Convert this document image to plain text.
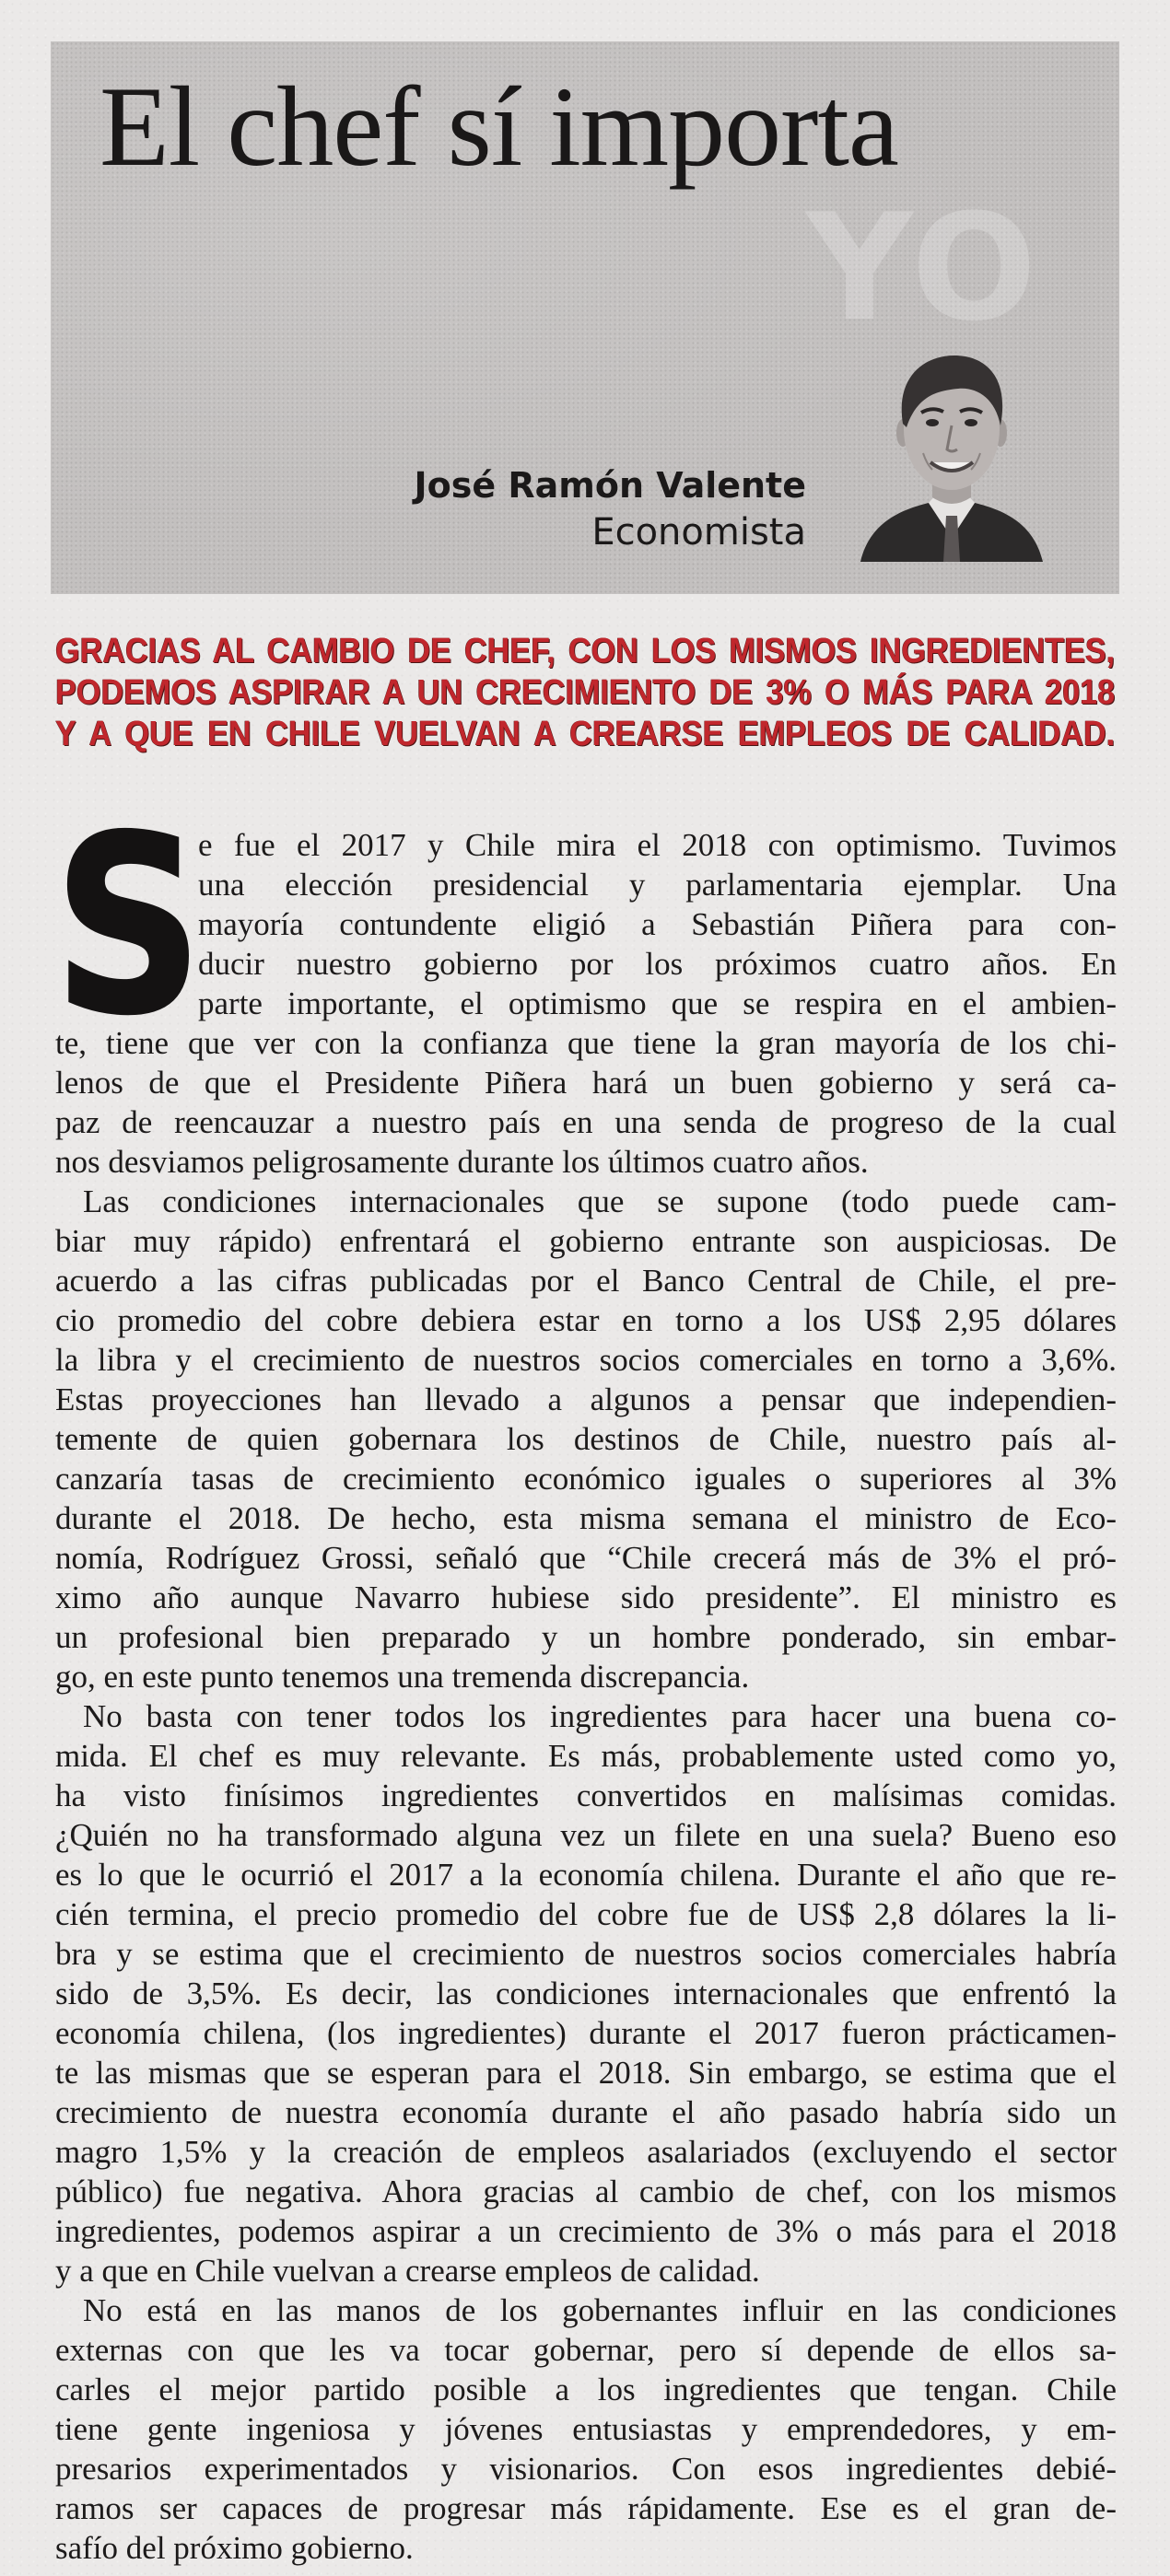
YO
El chef sí importa
José Ramón Valente
Economista
GRACIAS AL CAMBIO DE CHEF, CON LOS MISMOS INGREDIENTES,
PODEMOS ASPIRAR A UN CRECIMIENTO DE 3% O MÁS PARA 2018
Y A QUE EN CHILE VUELVAN A CREARSE EMPLEOS DE CALIDAD.
S
e fue el 2017 y Chile mira el 2018 con optimismo. Tuvimos
una elección presidencial y parlamentaria ejemplar. Una
mayoría contundente eligió a Sebastián Piñera para con-
ducir nuestro gobierno por los próximos cuatro años. En
parte importante, el optimismo que se respira en el ambien-
te, tiene que ver con la confianza que tiene la gran mayoría de los chi-
lenos de que el Presidente Piñera hará un buen gobierno y será ca-
paz de reencauzar a nuestro país en una senda de progreso de la cual
nos desviamos peligrosamente durante los últimos cuatro años.
Las condiciones internacionales que se supone (todo puede cam-
biar muy rápido) enfrentará el gobierno entrante son auspiciosas. De
acuerdo a las cifras publicadas por el Banco Central de Chile, el pre-
cio promedio del cobre debiera estar en torno a los US$ 2,95 dólares
la libra y el crecimiento de nuestros socios comerciales en torno a 3,6%.
Estas proyecciones han llevado a algunos a pensar que independien-
temente de quien gobernara los destinos de Chile, nuestro país al-
canzaría tasas de crecimiento económico iguales o superiores al 3%
durante el 2018. De hecho, esta misma semana el ministro de Eco-
nomía, Rodríguez Grossi, señaló que “Chile crecerá más de 3% el pró-
ximo año aunque Navarro hubiese sido presidente”. El ministro es
un profesional bien preparado y un hombre ponderado, sin embar-
go, en este punto tenemos una tremenda discrepancia.
No basta con tener todos los ingredientes para hacer una buena co-
mida. El chef es muy relevante. Es más, probablemente usted como yo,
ha visto finísimos ingredientes convertidos en malísimas comidas.
¿Quién no ha transformado alguna vez un filete en una suela? Bueno eso
es lo que le ocurrió el 2017 a la economía chilena. Durante el año que re-
cién termina, el precio promedio del cobre fue de US$ 2,8 dólares la li-
bra y se estima que el crecimiento de nuestros socios comerciales habría
sido de 3,5%. Es decir, las condiciones internacionales que enfrentó la
economía chilena, (los ingredientes) durante el 2017 fueron prácticamen-
te las mismas que se esperan para el 2018. Sin embargo, se estima que el
crecimiento de nuestra economía durante el año pasado habría sido un
magro 1,5% y la creación de empleos asalariados (excluyendo el sector
público) fue negativa. Ahora gracias al cambio de chef, con los mismos
ingredientes, podemos aspirar a un crecimiento de 3% o más para el 2018
y a que en Chile vuelvan a crearse empleos de calidad.
No está en las manos de los gobernantes influir en las condiciones
externas con que les va tocar gobernar, pero sí depende de ellos sa-
carles el mejor partido posible a los ingredientes que tengan. Chile
tiene gente ingeniosa y jóvenes entusiastas y emprendedores, y em-
presarios experimentados y visionarios. Con esos ingredientes debié-
ramos ser capaces de progresar más rápidamente. Ese es el gran de-
safío del próximo gobierno.
